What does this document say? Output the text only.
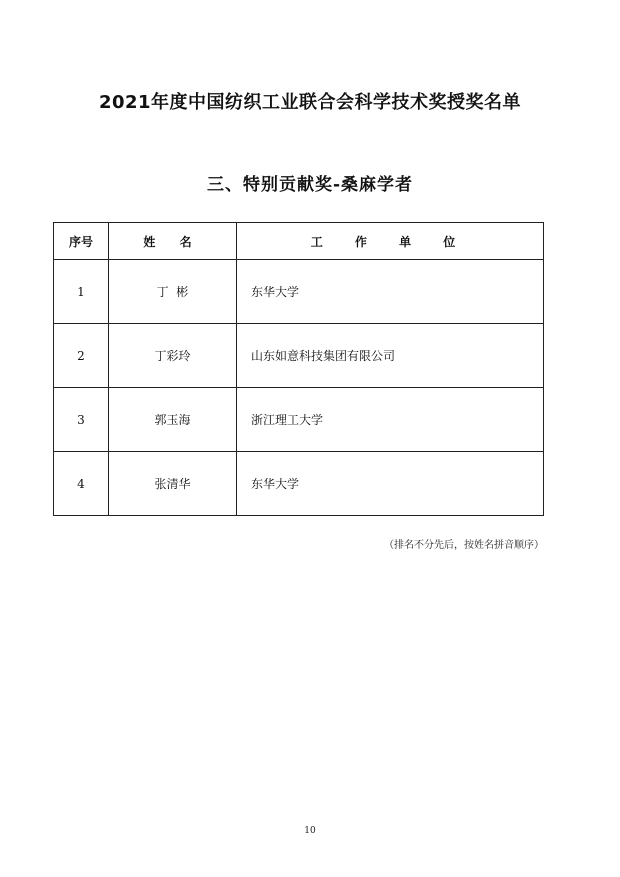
2021年度中国纺织工业联合会科学技术奖授奖名单
三、特别贡献奖-桑麻学者
序号	姓 名	工 作 单 位
1	丁  彬	东华大学
2	丁彩玲	山东如意科技集团有限公司
3	郭玉海	浙江理工大学
4	张清华	东华大学
（排名不分先后，按姓名拼音顺序）
10
